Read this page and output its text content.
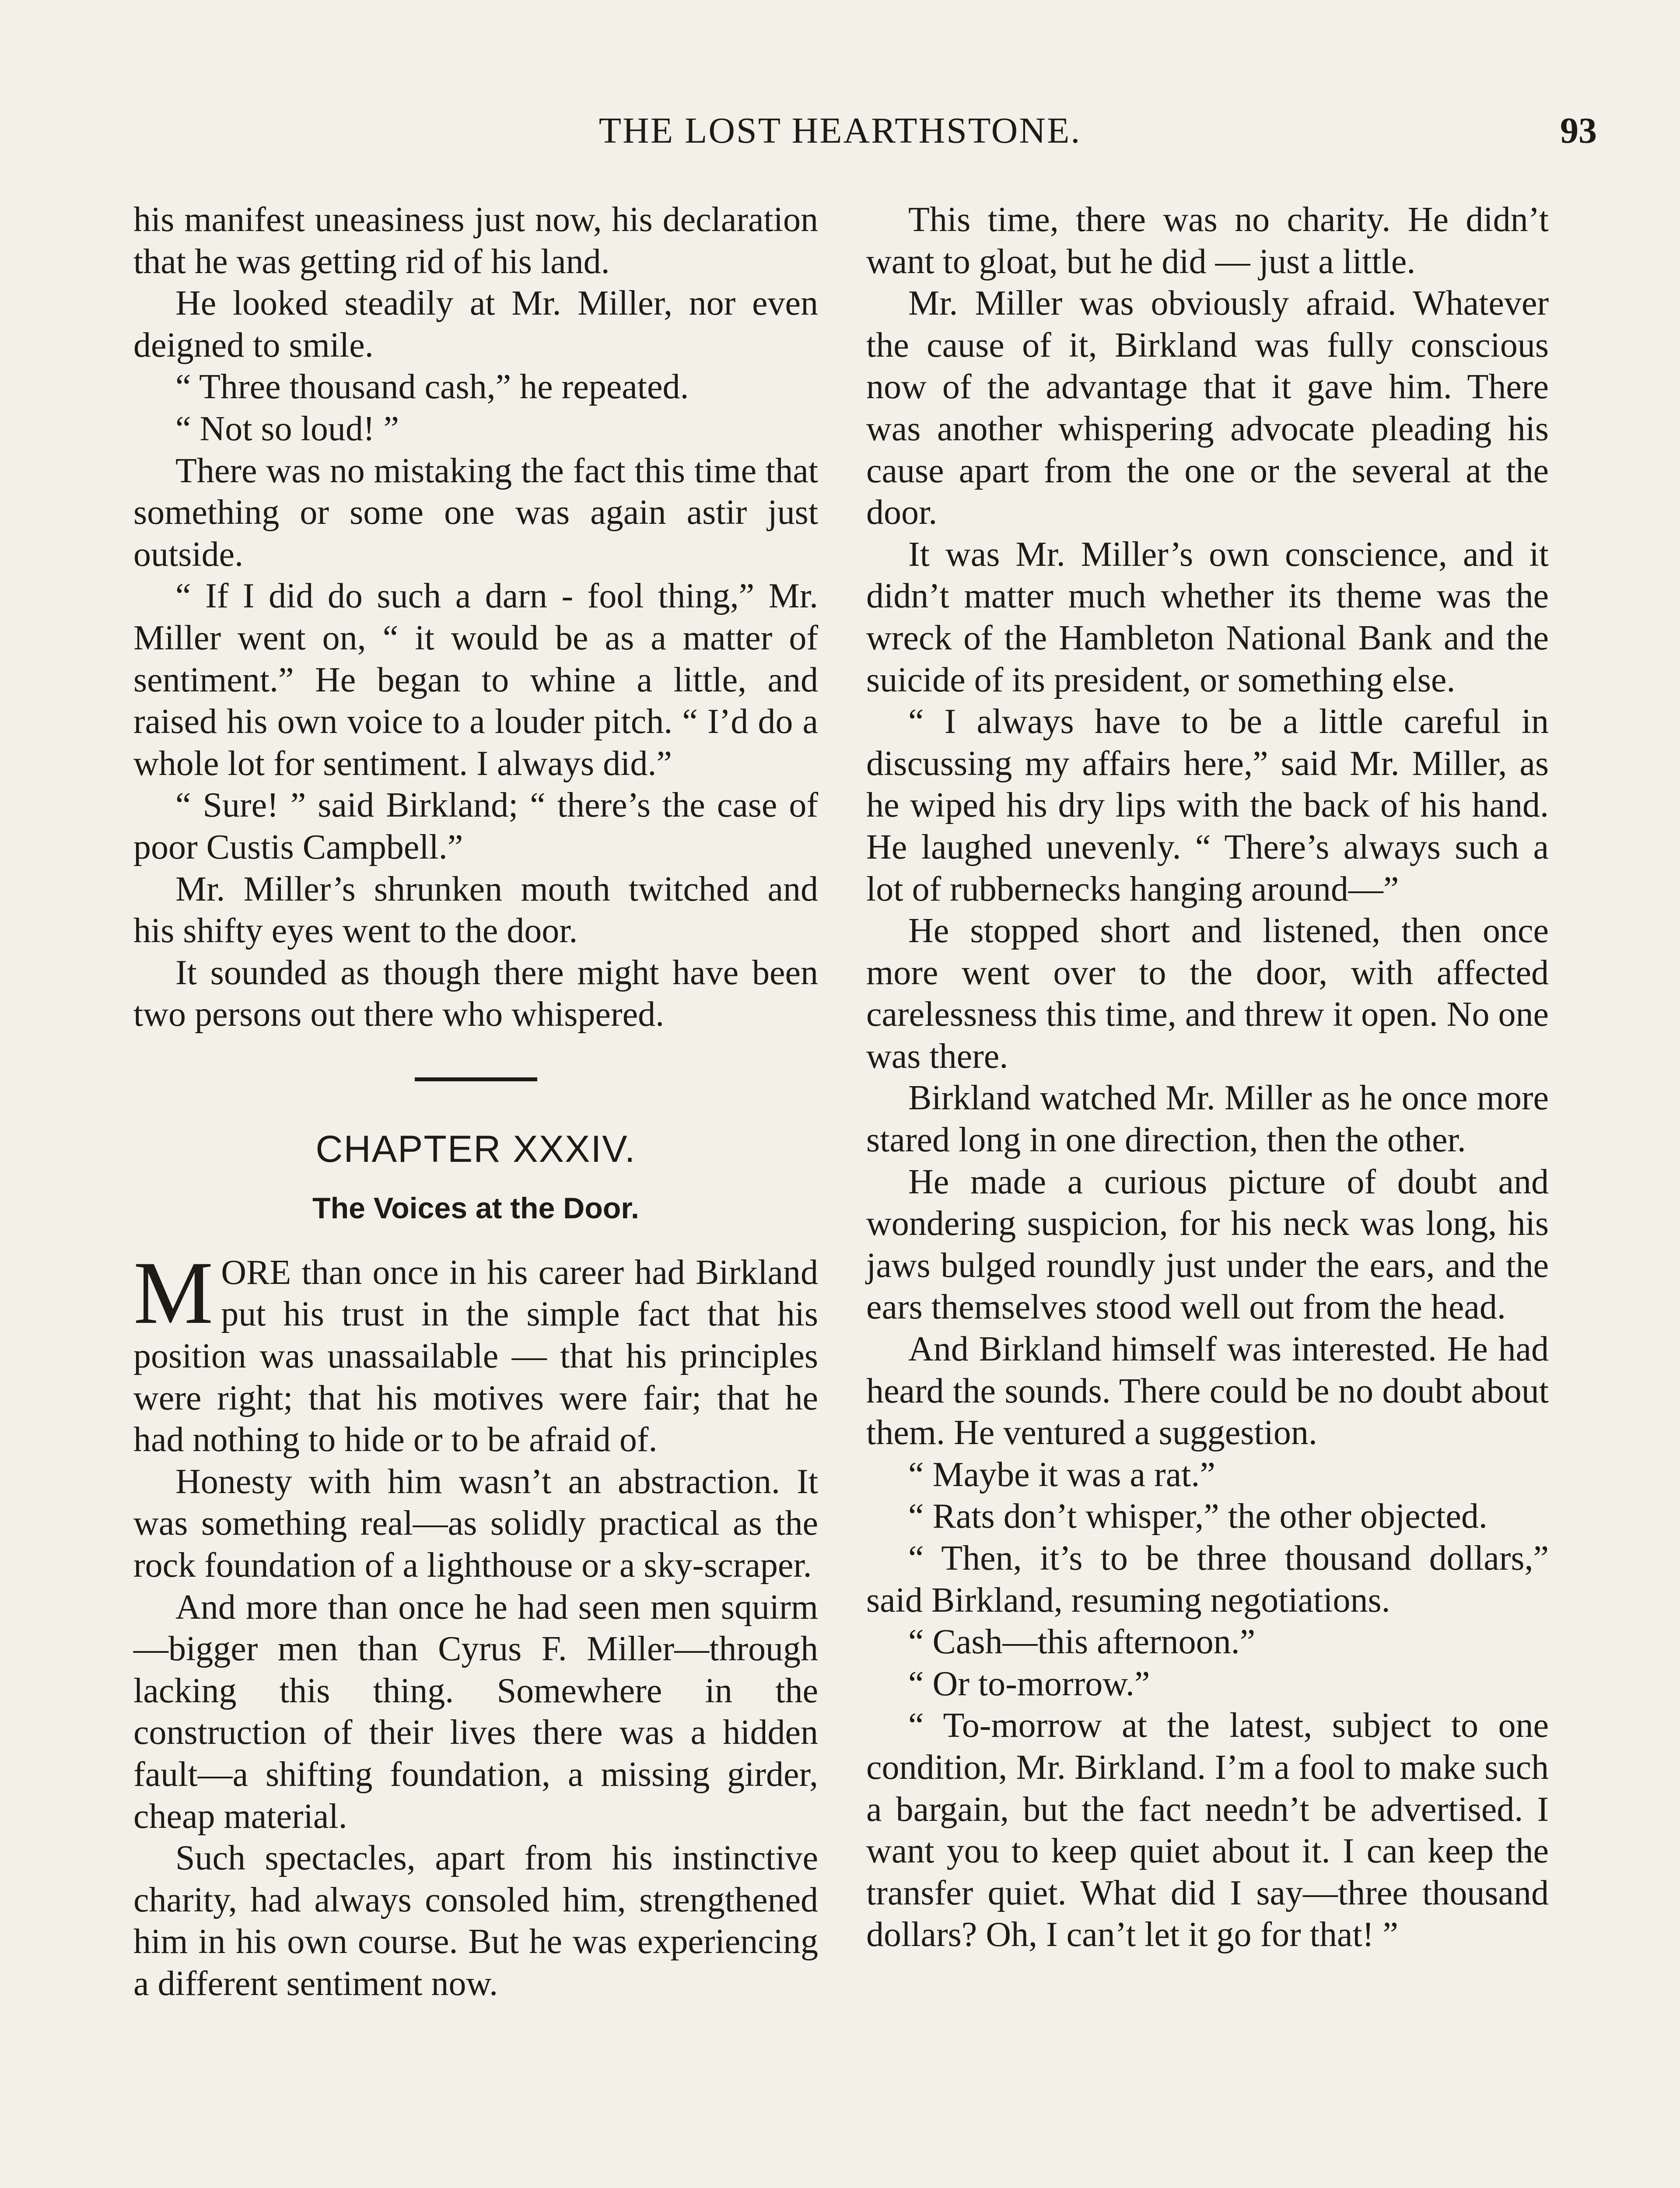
THE LOST HEARTHSTONE.	93

his manifest uneasiness just now, his declaration that he was getting rid of his land.

He looked steadily at Mr. Miller, nor even deigned to smile.

“ Three thousand cash,” he repeated.

“ Not so loud! ”

There was no mistaking the fact this time that something or some one was again astir just outside.

“ If I did do such a darn - fool thing,” Mr. Miller went on, “ it would be as a matter of sentiment.” He began to whine a little, and raised his own voice to a louder pitch. “ I’d do a whole lot for sentiment. I always did.”

“ Sure! ” said Birkland; “ there’s the case of poor Custis Campbell.”

Mr. Miller’s shrunken mouth twitched and his shifty eyes went to the door.

It sounded as though there might have been two persons out there who whispered.

CHAPTER XXXIV.
The Voices at the Door.

MORE than once in his career had Birkland put his trust in the simple fact that his position was unassailable — that his principles were right; that his motives were fair; that he had nothing to hide or to be afraid of.

Honesty with him wasn’t an abstraction. It was something real—as solidly practical as the rock foundation of a lighthouse or a sky-scraper.

And more than once he had seen men squirm—bigger men than Cyrus F. Miller—through lacking this thing. Somewhere in the construction of their lives there was a hidden fault—a shifting foundation, a missing girder, cheap material.

Such spectacles, apart from his instinctive charity, had always consoled him, strengthened him in his own course. But he was experiencing a different sentiment now.

This time, there was no charity. He didn’t want to gloat, but he did — just a little.

Mr. Miller was obviously afraid. Whatever the cause of it, Birkland was fully conscious now of the advantage that it gave him. There was another whispering advocate pleading his cause apart from the one or the several at the door.

It was Mr. Miller’s own conscience, and it didn’t matter much whether its theme was the wreck of the Hambleton National Bank and the suicide of its president, or something else.

“ I always have to be a little careful in discussing my affairs here,” said Mr. Miller, as he wiped his dry lips with the back of his hand. He laughed unevenly. “ There’s always such a lot of rubbernecks hanging around—”

He stopped short and listened, then once more went over to the door, with affected carelessness this time, and threw it open. No one was there.

Birkland watched Mr. Miller as he once more stared long in one direction, then the other.

He made a curious picture of doubt and wondering suspicion, for his neck was long, his jaws bulged roundly just under the ears, and the ears themselves stood well out from the head.

And Birkland himself was interested. He had heard the sounds. There could be no doubt about them. He ventured a suggestion.

“ Maybe it was a rat.”

“ Rats don’t whisper,” the other objected.

“ Then, it’s to be three thousand dollars,” said Birkland, resuming negotiations.

“ Cash—this afternoon.”

“ Or to-morrow.”

“ To-morrow at the latest, subject to one condition, Mr. Birkland. I’m a fool to make such a bargain, but the fact needn’t be advertised. I want you to keep quiet about it. I can keep the transfer quiet. What did I say—three thousand dollars? Oh, I can’t let it go for that! ”
